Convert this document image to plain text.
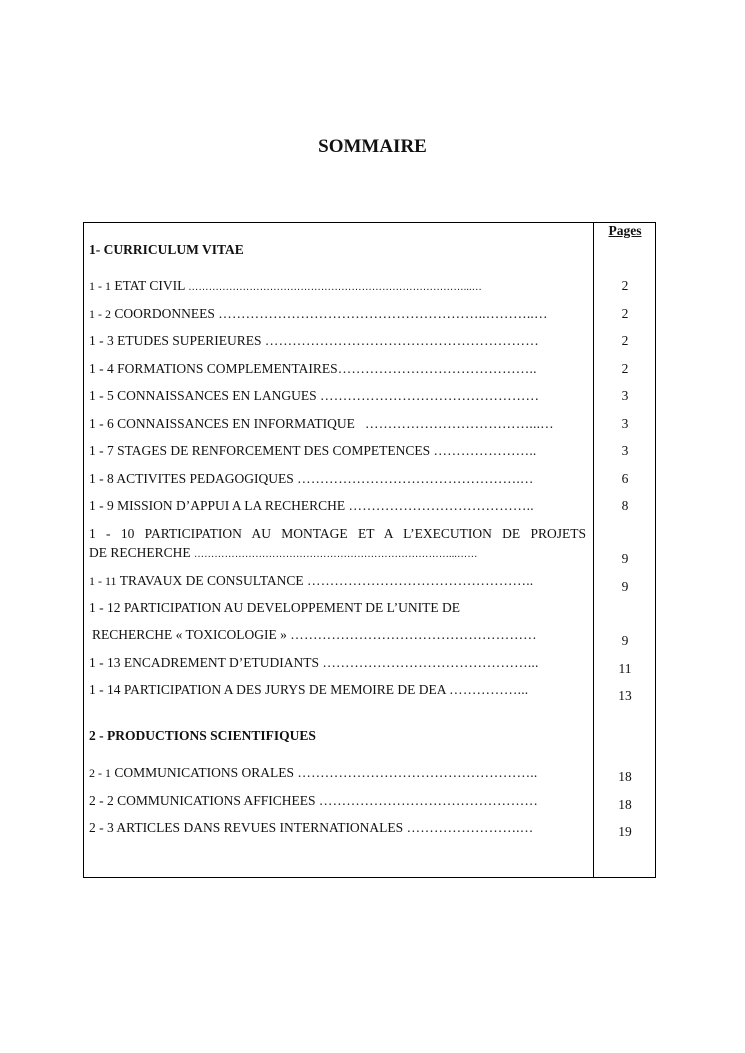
SOMMAIRE
Pages
1- CURRICULUM VITAE
1 - 1 ETAT CIVIL ………………………………………………………………………...…	2
1 - 2 COORDONNEES …………………………………………………..………..…	2
1 - 3 ETUDES SUPERIEURES ……………………………………………………	2
1 - 4 FORMATIONS COMPLEMENTAIRES……………………………………..	2
1 - 5 CONNAISSANCES EN LANGUES …………………………………………	3
1 - 6 CONNAISSANCES EN INFORMATIQUE ………………………………...…	3
1 - 7 STAGES DE RENFORCEMENT DES COMPETENCES …………………..	3
1 - 8 ACTIVITES PEDAGOGIQUES ………………………………………….…	6
1 - 9 MISSION D’APPUI A LA RECHERCHE …………………………………..	8
1 - 10 PARTICIPATION AU MONTAGE ET A L’EXECUTION DE PROJETS
DE RECHERCHE …………………………………………………………………...……	9
1 - 11 TRAVAUX DE CONSULTANCE …………………………………………..	9
1 - 12 PARTICIPATION AU DEVELOPPEMENT DE L’UNITE DE
RECHERCHE « TOXICOLOGIE » ………………………………………………	9
1 - 13 ENCADREMENT D’ETUDIANTS ………………………………………...	11
1 - 14 PARTICIPATION A DES JURYS DE MEMOIRE DE DEA ……………...	13
2 - PRODUCTIONS SCIENTIFIQUES
2 - 1 COMMUNICATIONS ORALES ……………………………………………..	18
2 - 2 COMMUNICATIONS AFFICHEES …………………………………………	18
2 - 3 ARTICLES DANS REVUES INTERNATIONALES …………………….…	19
